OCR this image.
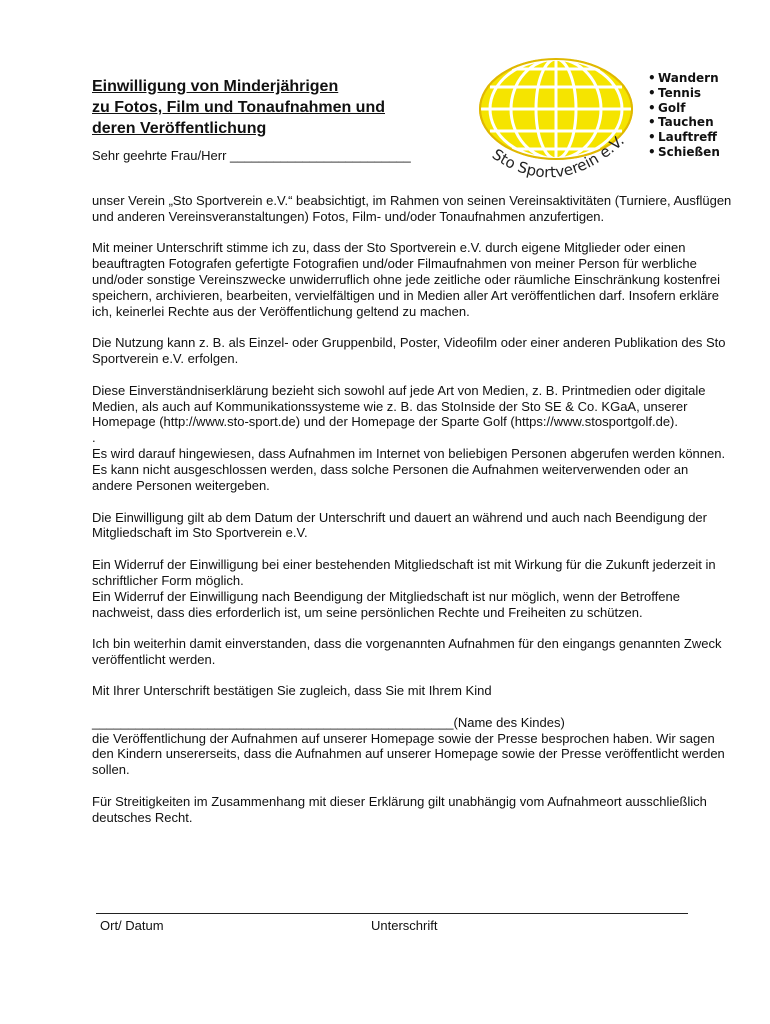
Einwilligung von Minderjährigen
zu Fotos, Film und Tonaufnahmen und
deren Veröffentlichung
Sehr geehrte Frau/Herr _________________________	Sto Sportverein e.V.
• Wandern
• Tennis
• Golf
• Tauchen
• Lauftreff
• Schießen

unser Verein „Sto Sportverein e.V.“ beabsichtigt, im Rahmen von seinen Vereinsaktivitäten (Turniere, Ausflügen und anderen Vereinsveranstaltungen) Fotos, Film- und/oder Tonaufnahmen anzufertigen.

Mit meiner Unterschrift stimme ich zu, dass der Sto Sportverein e.V. durch eigene Mitglieder oder einen beauftragten Fotografen gefertigte Fotografien und/oder Filmaufnahmen von meiner Person für werbliche und/oder sonstige Vereinszwecke unwiderruflich ohne jede zeitliche oder räumliche Einschränkung kostenfrei speichern, archivieren, bearbeiten, vervielfältigen und in Medien aller Art veröffentlichen darf. Insofern erkläre ich, keinerlei Rechte aus der Veröffentlichung geltend zu machen.

Die Nutzung kann z. B. als Einzel- oder Gruppenbild, Poster, Videofilm oder einer anderen Publikation des Sto Sportverein e.V. erfolgen.

Diese Einverständniserklärung bezieht sich sowohl auf jede Art von Medien, z. B. Printmedien oder digitale Medien, als auch auf Kommunikationssysteme wie z. B. das StoInside der Sto SE & Co. KGaA, unserer Homepage (http://www.sto-sport.de) und der Homepage der Sparte Golf (https://www.stosportgolf.de).

.

Es wird darauf hingewiesen, dass Aufnahmen im Internet von beliebigen Personen abgerufen werden können. Es kann nicht ausgeschlossen werden, dass solche Personen die Aufnahmen weiterverwenden oder an andere Personen weitergeben.

Die Einwilligung gilt ab dem Datum der Unterschrift und dauert an während und auch nach Beendigung der Mitgliedschaft im Sto Sportverein e.V.

Ein Widerruf der Einwilligung bei einer bestehenden Mitgliedschaft ist mit Wirkung für die Zukunft jederzeit in schriftlicher Form möglich.

Ein Widerruf der Einwilligung nach Beendigung der Mitgliedschaft ist nur möglich, wenn der Betroffene nachweist, dass dies erforderlich ist, um seine persönlichen Rechte und Freiheiten zu schützen.

Ich bin weiterhin damit einverstanden, dass die vorgenannten Aufnahmen für den eingangs genannten Zweck veröffentlicht werden.

Mit Ihrer Unterschrift bestätigen Sie zugleich, dass Sie mit Ihrem Kind

__________________________________________________(Name des Kindes)

die Veröffentlichung der Aufnahmen auf unserer Homepage sowie der Presse besprochen haben. Wir sagen den Kindern unsererseits, dass die Aufnahmen auf unserer Homepage sowie der Presse veröffentlicht werden sollen.

Für Streitigkeiten im Zusammenhang mit dieser Erklärung gilt unabhängig vom Aufnahmeort ausschließlich deutsches Recht.

Ort/ Datum	Unterschrift
